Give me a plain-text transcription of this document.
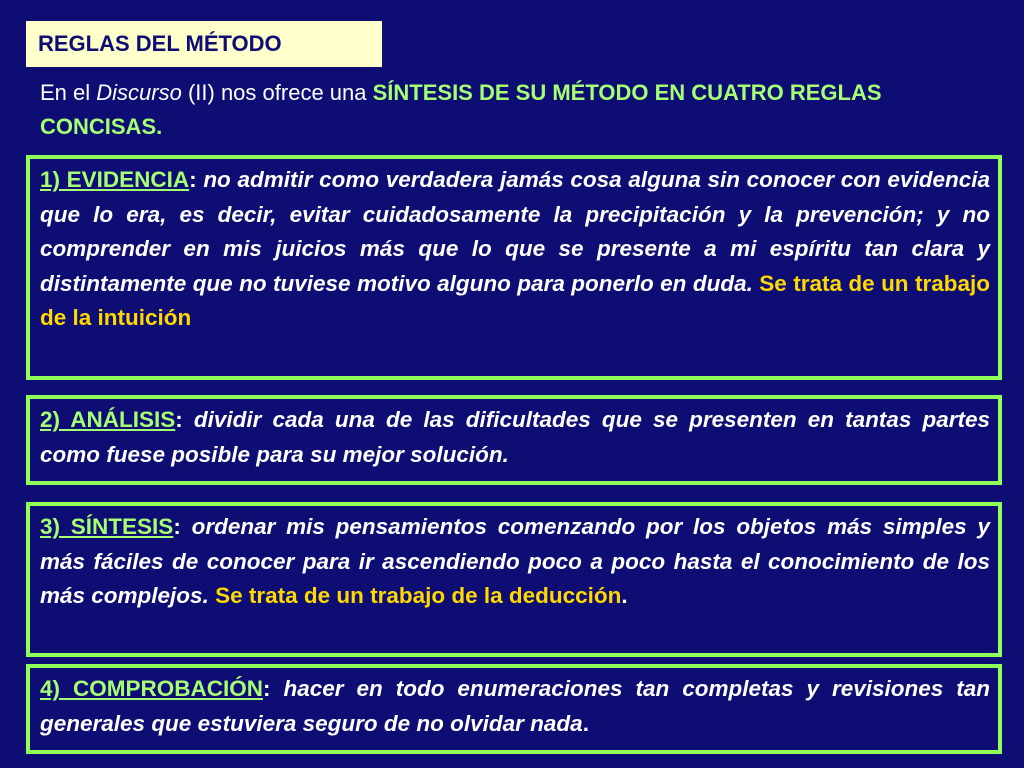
REGLAS DEL MÉTODO
En el Discurso (II) nos ofrece una SÍNTESIS DE SU MÉTODO EN CUATRO REGLAS CONCISAS.
1) EVIDENCIA: no admitir como verdadera jamás cosa alguna sin conocer con evidencia que lo era, es decir, evitar cuidadosamente la precipitación y la prevención; y no comprender en mis juicios más que lo que se presente a mi espíritu tan clara y distintamente que no tuviese motivo alguno para ponerlo en duda. Se trata de un trabajo de la intuición
2) ANÁLISIS: dividir cada una de las dificultades que se presenten en tantas partes como fuese posible para su mejor solución.
3) SÍNTESIS: ordenar mis pensamientos comenzando por los objetos más simples y más fáciles de conocer para ir ascendiendo poco a poco hasta el conocimiento de los más complejos. Se trata de un trabajo de la deducción.
4) COMPROBACIÓN: hacer en todo enumeraciones tan completas y revisiones tan generales que estuviera seguro de no olvidar nada.
